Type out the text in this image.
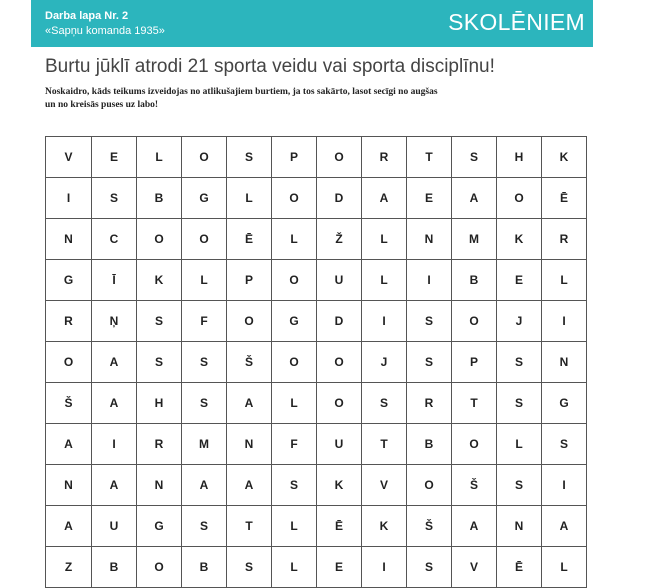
Darba lapa Nr. 2
«Sapņu komanda 1935»	SKOLĒNIEM
Burtu jūklī atrodi 21 sporta veidu vai sporta disciplīnu!
Noskaidro, kāds teikums izveidojas no atlikušajiem burtiem, ja tos sakārto, lasot secīgi no augšas
un no kreisās puses uz labo!
V	E	L	O	S	P	O	R	T	S	H	K
I	S	B	G	L	O	D	A	E	A	O	Ē
N	C	O	O	Ē	L	Ž	L	N	M	K	R
G	Ī	K	L	P	O	U	L	I	B	E	L
R	Ņ	S	F	O	G	D	I	S	O	J	I
O	A	S	S	Š	O	O	J	S	P	S	N
Š	A	H	S	A	L	O	S	R	T	S	G
A	I	R	M	N	F	U	T	B	O	L	S
N	A	N	A	A	S	K	V	O	Š	S	I
A	U	G	S	T	L	Ē	K	Š	A	N	A
Z	B	O	B	S	L	E	I	S	V	Ē	L
